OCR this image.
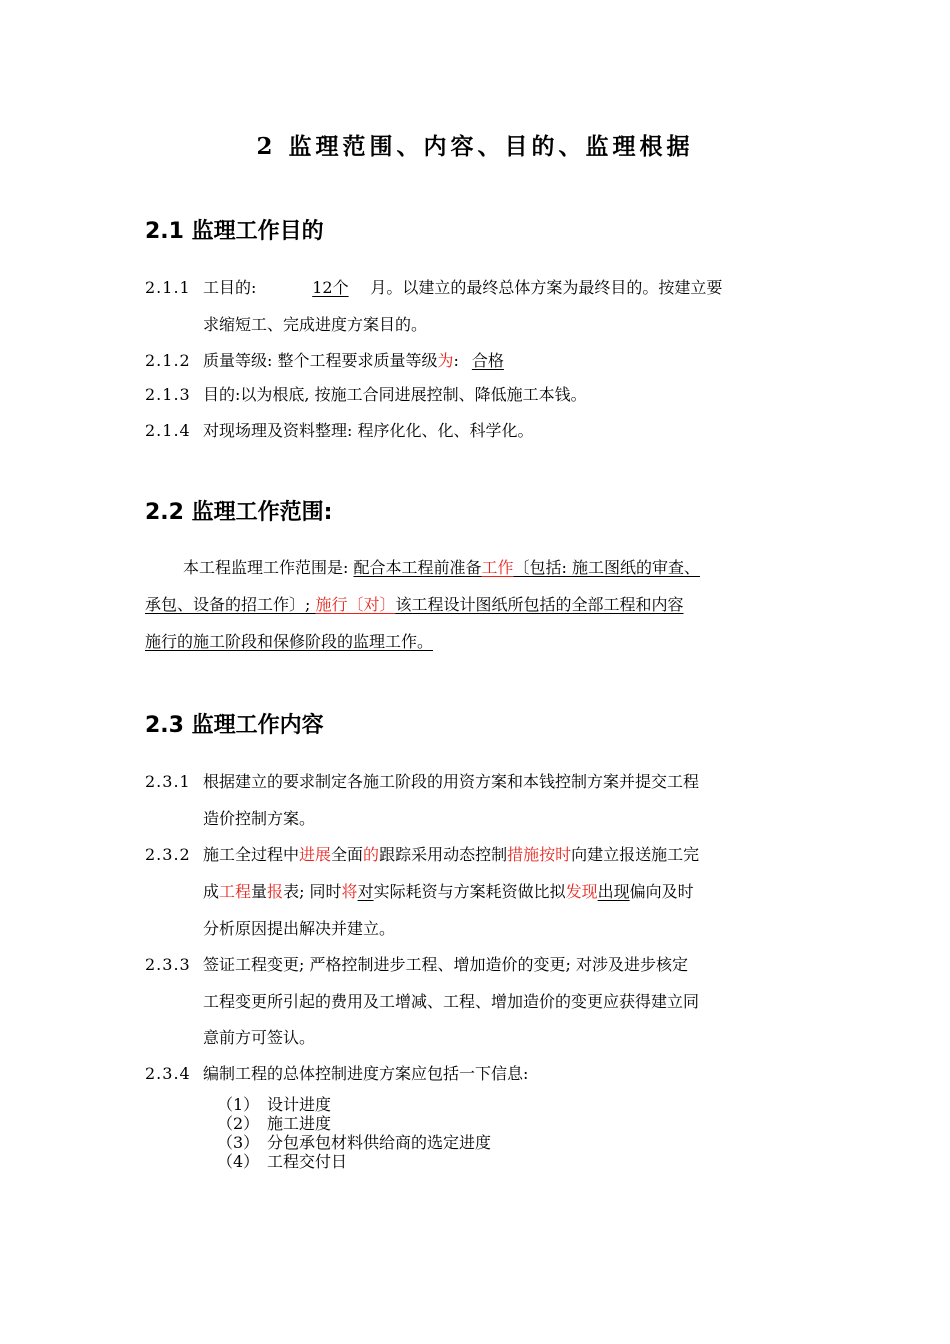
2 监理范围、内容、目的、监理根据
2.1 监理工作目的
2.1.1 工目的:	12个 月。以建立的最终总体方案为最终目的。按建立要
求缩短工、完成进度方案目的。
2.1.2 质量等级: 整个工程要求质量等级为: 合格
2.1.3 目的:以为根底, 按施工合同进展控制、降低施工本钱。
2.1.4 对现场理及资料整理: 程序化化、化、科学化。
2.2 监理工作范围:
本工程监理工作范围是: 配合本工程前准备工作〔包括: 施工图纸的审查、
承包、设备的招工作〕; 施行〔对〕该工程设计图纸所包括的全部工程和内容
施行的施工阶段和保修阶段的监理工作。
2.3 监理工作内容
2.3.1 根据建立的要求制定各施工阶段的用资方案和本钱控制方案并提交工程
造价控制方案。
2.3.2 施工全过程中进展全面的跟踪采用动态控制措施按时向建立报送施工完
成工程量报表; 同时将对实际耗资与方案耗资做比拟发现出现偏向及时
分析原因提出解决并建立。
2.3.3 签证工程变更; 严格控制进步工程、增加造价的变更; 对涉及进步核定
工程变更所引起的费用及工增减、工程、增加造价的变更应获得建立同
意前方可签认。
2.3.4 编制工程的总体控制进度方案应包括一下信息:
（1） 设计进度
（2） 施工进度
（3） 分包承包材料供给商的选定进度
（4） 工程交付日
